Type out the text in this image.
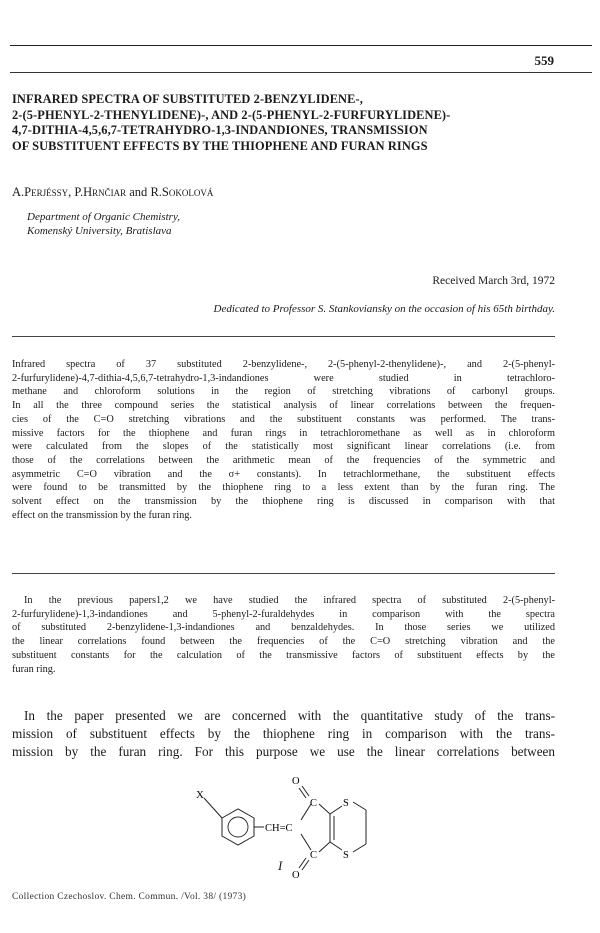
559
INFRARED SPECTRA OF SUBSTITUTED 2-BENZYLIDENE-,
2-(5-PHENYL-2-THENYLIDENE)-, AND 2-(5-PHENYL-2-FURFURYLIDENE)-
4,7-DITHIA-4,5,6,7-TETRAHYDRO-1,3-INDANDIONES, TRANSMISSION
OF SUBSTITUENT EFFECTS BY THE THIOPHENE AND FURAN RINGS
A.Perjéssy, P.Hrnčiar and R.Sokolová
Department of Organic Chemistry,
Komenský University, Bratislava
Received March 3rd, 1972
Dedicated to Professor S. Stankoviansky on the occasion of his 65th birthday.
Infrared spectra of 37 substituted 2-benzylidene-, 2-(5-phenyl-2-thenylidene)-, and 2-(5-phenyl-
2-furfurylidene)-4,7-dithia-4,5,6,7-tetrahydro-1,3-indandiones were studied in tetrachloro-
methane and chloroform solutions in the region of stretching vibrations of carbonyl groups.
In all the three compound series the statistical analysis of linear correlations between the frequen-
cies of the C=O stretching vibrations and the substituent constants was performed. The trans-
missive factors for the thiophene and furan rings in tetrachloromethane as well as in chloroform
were calculated from the slopes of the statistically most significant linear correlations (i.e. from
those of the correlations between the arithmetic mean of the frequencies of the symmetric and
asymmetric C=O vibration and the σ+ constants). In tetrachlormethane, the substituent effects
were found to be transmitted by the thiophene ring to a less extent than by the furan ring. The
solvent effect on the transmission by the thiophene ring is discussed in comparison with that
effect on the transmission by the furan ring.
In the previous papers1,2 we have studied the infrared spectra of substituted 2-(5-phenyl-
2-furfurylidene)-1,3-indandiones and 5-phenyl-2-furaldehydes in comparison with the spectra
of substituted 2-benzylidene-1,3-indandiones and benzaldehydes. In those series we utilized
the linear correlations found between the frequencies of the C=O stretching vibration and the
substituent constants for the calculation of the transmissive factors of substituent effects by the
furan ring.
In the paper presented we are concerned with the quantitative study of the trans-
mission of substituent effects by the thiophene ring in comparison with the trans-
mission by the furan ring. For this purpose we use the linear correlations between
X
CH=C
C
C
O
O
S
S
I
Collection Czechoslov. Chem. Commun. /Vol. 38/ (1973)
